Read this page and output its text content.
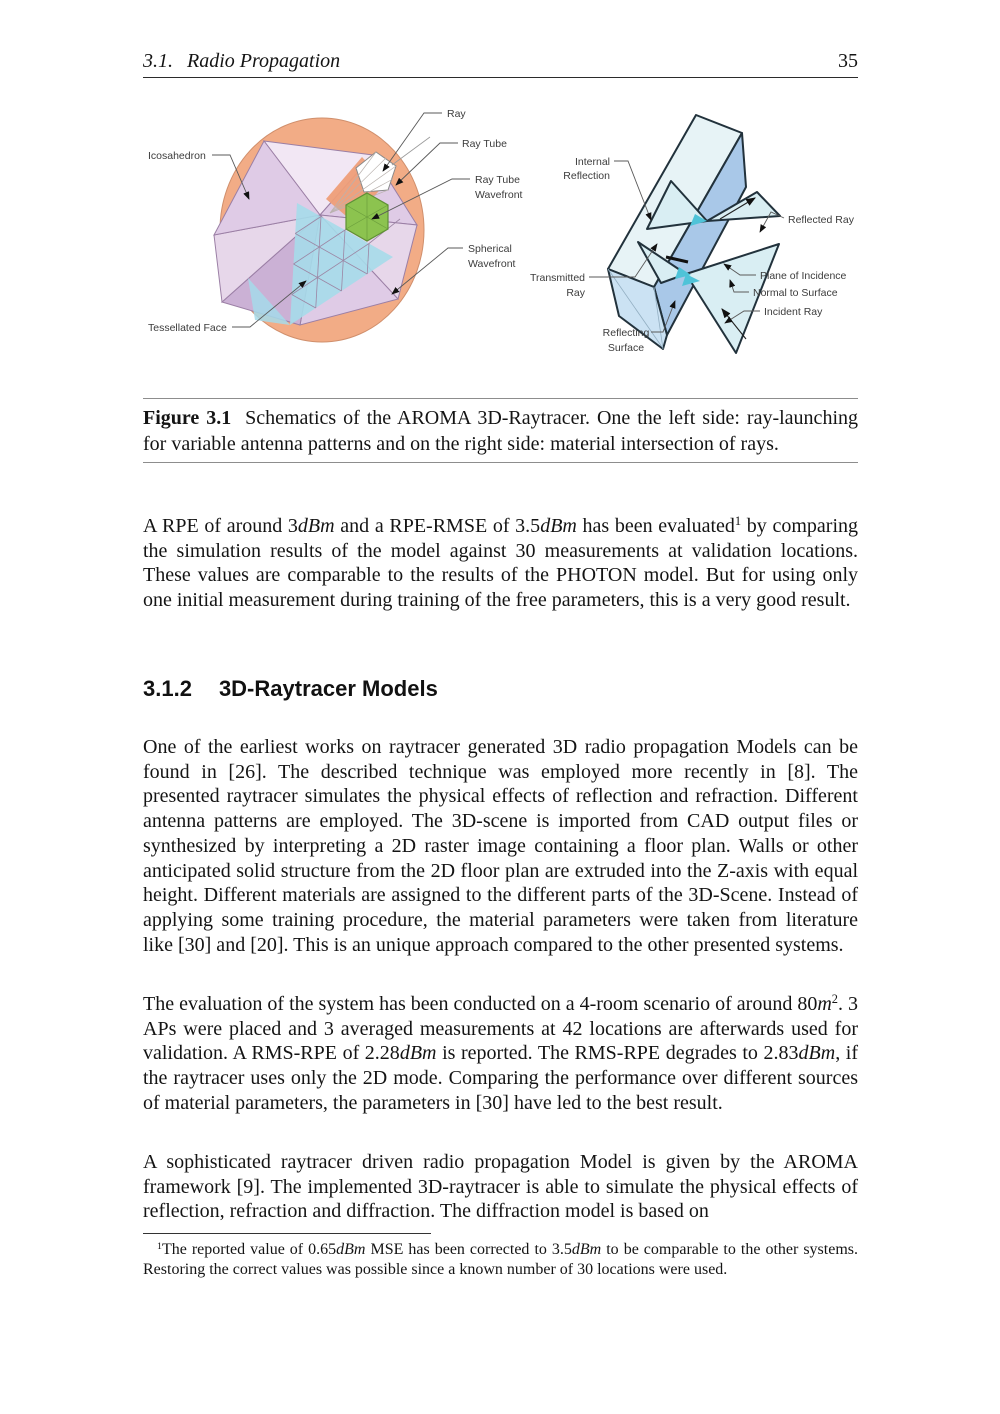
3.1. Radio Propagation	35
Icosahedron
Ray
Ray Tube
Ray Tube
Wavefront
Spherical
Wavefront
Tessellated Face
Internal
Reflection
Transmitted
Ray
Reflecting
Surface
Reflected Ray
Plane of Incidence
Normal to Surface
Incident Ray
Figure 3.1  Schematics of the AROMA 3D-Raytracer. One the left side: ray-launching for variable antenna patterns and on the right side: material intersection of rays.
A RPE of around 3dBm and a RPE-RMSE of 3.5dBm has been evaluated$^1$ by comparing the simulation results of the model against 30 measurements at validation locations. These values are comparable to the results of the PHOTON model. But for using only one initial measurement during training of the free parameters, this is a very good result.
3.1.2 3D-Raytracer Models
One of the earliest works on raytracer generated 3D radio propagation Models can be found in [26]. The described technique was employed more recently in [8]. The presented raytracer simulates the physical effects of reflection and refraction. Different antenna patterns are employed. The 3D-scene is imported from CAD output files or synthesized by interpreting a 2D raster image containing a floor plan. Walls or other anticipated solid structure from the 2D floor plan are extruded into the Z-axis with equal height. Different materials are assigned to the different parts of the 3D-Scene. Instead of applying some training procedure, the material parameters were taken from literature like [30] and [20]. This is an unique approach compared to the other presented systems.
The evaluation of the system has been conducted on a 4-room scenario of around $80m^2$. 3 APs were placed and 3 averaged measurements at 42 locations are afterwards used for validation. A RMS-RPE of 2.28dBm is reported. The RMS-RPE degrades to 2.83dBm, if the raytracer uses only the 2D mode. Comparing the performance over different sources of material parameters, the parameters in [30] have led to the best result.
A sophisticated raytracer driven radio propagation Model is given by the AROMA framework [9]. The implemented 3D-raytracer is able to simulate the physical effects of reflection, refraction and diffraction. The diffraction model is based on
$^1$The reported value of 0.65dBm MSE has been corrected to 3.5dBm to be comparable to the other systems. Restoring the correct values was possible since a known number of 30 locations were used.
